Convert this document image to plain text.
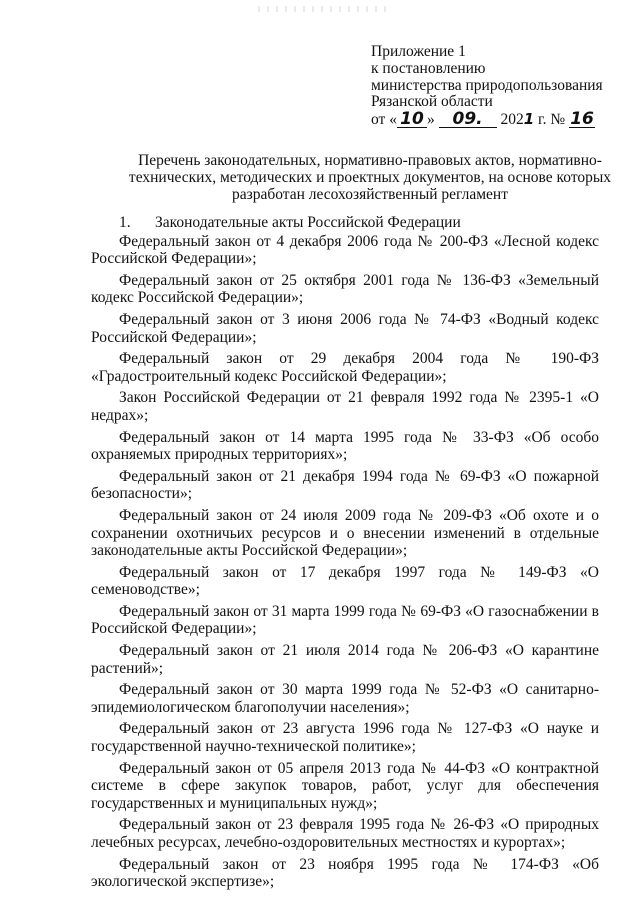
Приложение 1
к постановлению
министерства природопользования
Рязанской области
от « 10 » 09. 2021 г. № 16
Перечень законодательных, нормативно-правовых актов, нормативно-технических, методических и проектных документов, на основе которых разработан лесохозяйственный регламент
1. Законодательные акты Российской Федерации

Федеральный закон от 4 декабря 2006 года № 200-ФЗ «Лесной кодекс Российской Федерации»;

Федеральный закон от 25 октября 2001 года № 136-ФЗ «Земельный кодекс Российской Федерации»;

Федеральный закон от 3 июня 2006 года № 74-ФЗ «Водный кодекс Российской Федерации»;

Федеральный закон от 29 декабря 2004 года № 190-ФЗ «Градостроительный кодекс Российской Федерации»;

Закон Российской Федерации от 21 февраля 1992 года № 2395-1 «О недрах»;

Федеральный закон от 14 марта 1995 года № 33-ФЗ «Об особо охраняемых природных территориях»;

Федеральный закон от 21 декабря 1994 года № 69-ФЗ «О пожарной безопасности»;

Федеральный закон от 24 июля 2009 года № 209-ФЗ «Об охоте и о сохранении охотничьих ресурсов и о внесении изменений в отдельные законодательные акты Российской Федерации»;

Федеральный закон от 17 декабря 1997 года № 149-ФЗ «О семеноводстве»;

Федеральный закон от 31 марта 1999 года № 69-ФЗ «О газоснабжении в Российской Федерации»;

Федеральный закон от 21 июля 2014 года № 206-ФЗ «О карантине растений»;

Федеральный закон от 30 марта 1999 года № 52-ФЗ «О санитарно-эпидемиологическом благополучии населения»;

Федеральный закон от 23 августа 1996 года № 127-ФЗ «О науке и государственной научно-технической политике»;

Федеральный закон от 05 апреля 2013 года № 44-ФЗ «О контрактной системе в сфере закупок товаров, работ, услуг для обеспечения государственных и муниципальных нужд»;

Федеральный закон от 23 февраля 1995 года № 26-ФЗ «О природных лечебных ресурсах, лечебно-оздоровительных местностях и курортах»;

Федеральный закон от 23 ноября 1995 года № 174-ФЗ «Об экологической экспертизе»;
